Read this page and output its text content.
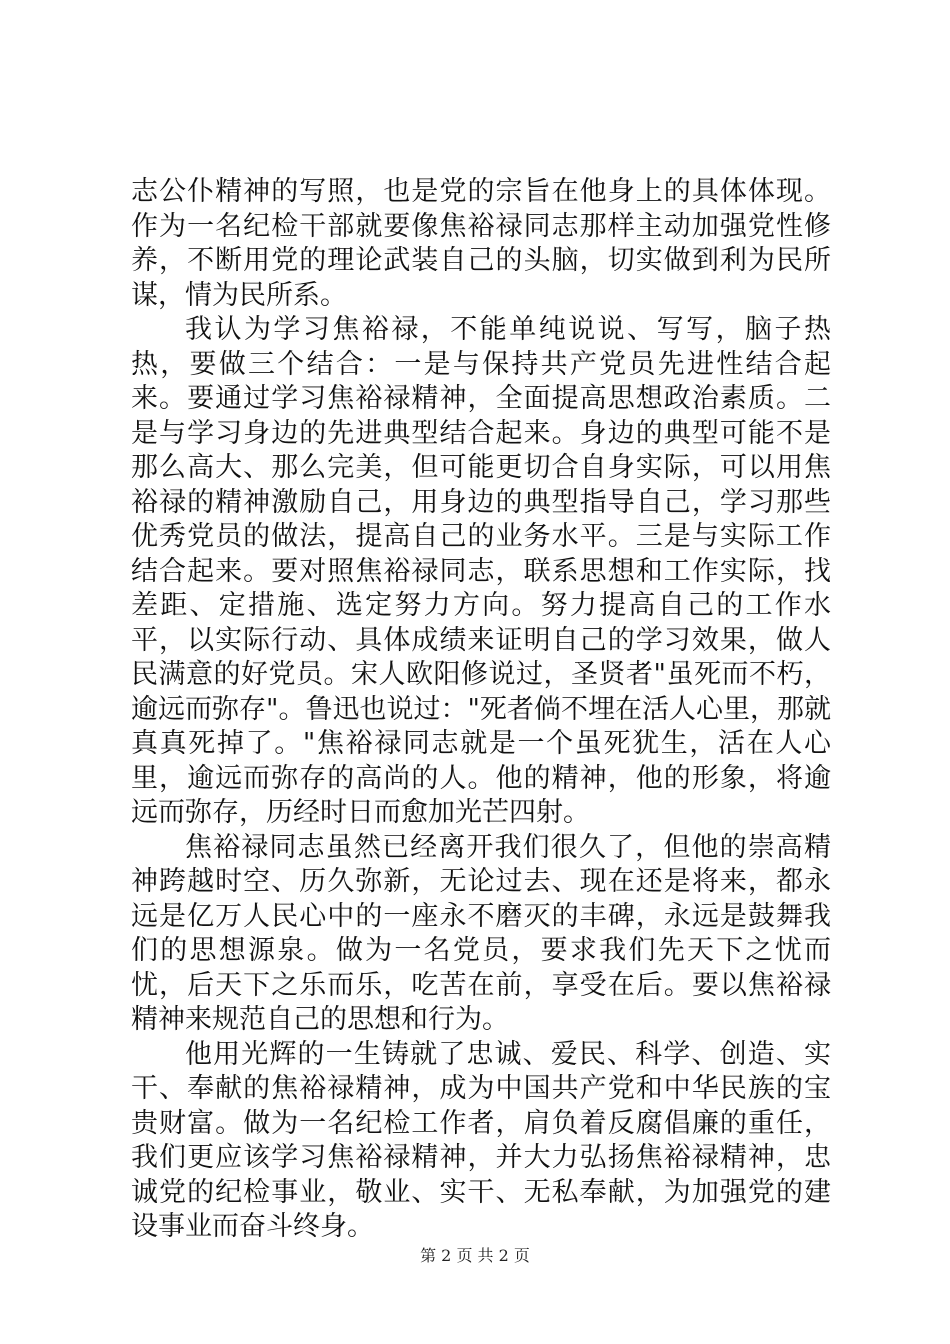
志公仆精神的写照，也是党的宗旨在他身上的具体体现。作为一名纪检干部就要像焦裕禄同志那样主动加强党性修养，不断用党的理论武装自己的头脑，切实做到利为民所谋，情为民所系。

我认为学习焦裕禄，不能单纯说说、写写，脑子热热，要做三个结合：一是与保持共产党员先进性结合起来。要通过学习焦裕禄精神，全面提高思想政治素质。二是与学习身边的先进典型结合起来。身边的典型可能不是那么高大、那么完美，但可能更切合自身实际，可以用焦裕禄的精神激励自己，用身边的典型指导自己，学习那些优秀党员的做法，提高自己的业务水平。三是与实际工作结合起来。要对照焦裕禄同志，联系思想和工作实际，找差距、定措施、选定努力方向。努力提高自己的工作水平，以实际行动、具体成绩来证明自己的学习效果，做人民满意的好党员。宋人欧阳修说过，圣贤者"虽死而不朽，逾远而弥存"。鲁迅也说过："死者倘不埋在活人心里，那就真真死掉了。"焦裕禄同志就是一个虽死犹生，活在人心里，逾远而弥存的高尚的人。他的精神，他的形象，将逾远而弥存，历经时日而愈加光芒四射。

焦裕禄同志虽然已经离开我们很久了，但他的崇高精神跨越时空、历久弥新，无论过去、现在还是将来，都永远是亿万人民心中的一座永不磨灭的丰碑，永远是鼓舞我们的思想源泉。做为一名党员，要求我们先天下之忧而忧，后天下之乐而乐，吃苦在前，享受在后。要以焦裕禄精神来规范自己的思想和行为。

他用光辉的一生铸就了忠诚、爱民、科学、创造、实干、奉献的焦裕禄精神，成为中国共产党和中华民族的宝贵财富。做为一名纪检工作者，肩负着反腐倡廉的重任，我们更应该学习焦裕禄精神，并大力弘扬焦裕禄精神，忠诚党的纪检事业，敬业、实干、无私奉献，为加强党的建设事业而奋斗终身。

第 2 页 共 2 页
